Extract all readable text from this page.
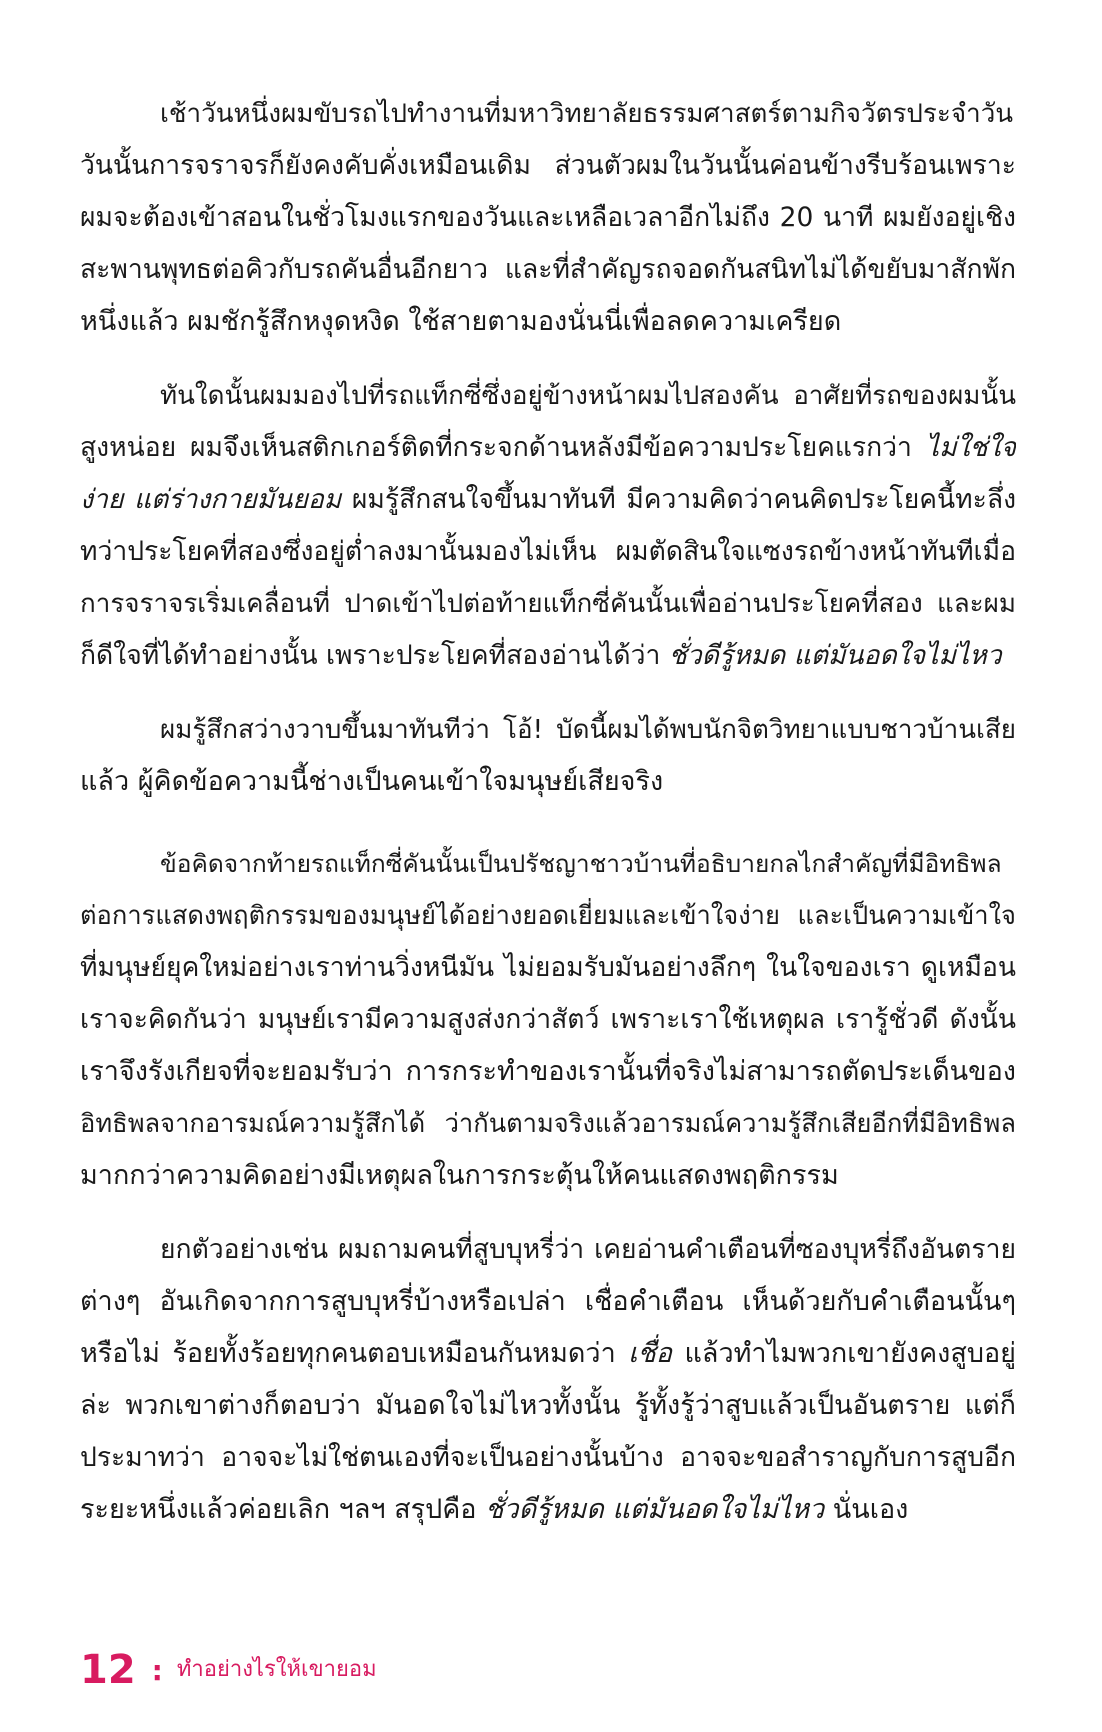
เช้าวันหนึ่งผมขับรถไปทำงานที่มหาวิทยาลัยธรรมศาสตร์ตามกิจวัตรประจำวัน
วันนั้นการจราจรก็ยังคงคับคั่งเหมือนเดิม ส่วนตัวผมในวันนั้นค่อนข้างรีบร้อนเพราะ
ผมจะต้องเข้าสอนในชั่วโมงแรกของวันและเหลือเวลาอีกไม่ถึง 20 นาที ผมยังอยู่เชิง
สะพานพุทธต่อคิวกับรถคันอื่นอีกยาว และที่สำคัญรถจอดกันสนิทไม่ได้ขยับมาสักพัก
หนึ่งแล้ว ผมชักรู้สึกหงุดหงิด ใช้สายตามองนั่นนี่เพื่อลดความเครียด
ทันใดนั้นผมมองไปที่รถแท็กซี่ซึ่งอยู่ข้างหน้าผมไปสองคัน อาศัยที่รถของผมนั้น
สูงหน่อย ผมจึงเห็นสติกเกอร์ติดที่กระจกด้านหลังมีข้อความประโยคแรกว่า ไม่ใช่ใจ
ง่าย แต่ร่างกายมันยอม ผมรู้สึกสนใจขึ้นมาทันที มีความคิดว่าคนคิดประโยคนี้ทะลึ่ง
ทว่าประโยคที่สองซึ่งอยู่ต่ำลงมานั้นมองไม่เห็น ผมตัดสินใจแซงรถข้างหน้าทันทีเมื่อ
การจราจรเริ่มเคลื่อนที่ ปาดเข้าไปต่อท้ายแท็กซี่คันนั้นเพื่ออ่านประโยคที่สอง และผม
ก็ดีใจที่ได้ทำอย่างนั้น เพราะประโยคที่สองอ่านได้ว่า ชั่วดีรู้หมด แต่มันอดใจไม่ไหว
ผมรู้สึกสว่างวาบขึ้นมาทันทีว่า โอ้! บัดนี้ผมได้พบนักจิตวิทยาแบบชาวบ้านเสีย
แล้ว ผู้คิดข้อความนี้ช่างเป็นคนเข้าใจมนุษย์เสียจริง
ข้อคิดจากท้ายรถแท็กซี่คันนั้นเป็นปรัชญาชาวบ้านที่อธิบายกลไกสำคัญที่มีอิทธิพล
ต่อการแสดงพฤติกรรมของมนุษย์ได้อย่างยอดเยี่ยมและเข้าใจง่าย และเป็นความเข้าใจ
ที่มนุษย์ยุคใหม่อย่างเราท่านวิ่งหนีมัน ไม่ยอมรับมันอย่างลึกๆ ในใจของเรา ดูเหมือน
เราจะคิดกันว่า มนุษย์เรามีความสูงส่งกว่าสัตว์ เพราะเราใช้เหตุผล เรารู้ชั่วดี ดังนั้น
เราจึงรังเกียจที่จะยอมรับว่า การกระทำของเรานั้นที่จริงไม่สามารถตัดประเด็นของ
อิทธิพลจากอารมณ์ความรู้สึกได้ ว่ากันตามจริงแล้วอารมณ์ความรู้สึกเสียอีกที่มีอิทธิพล
มากกว่าความคิดอย่างมีเหตุผลในการกระตุ้นให้คนแสดงพฤติกรรม
ยกตัวอย่างเช่น ผมถามคนที่สูบบุหรี่ว่า เคยอ่านคำเตือนที่ซองบุหรี่ถึงอันตราย
ต่างๆ อันเกิดจากการสูบบุหรี่บ้างหรือเปล่า เชื่อคำเตือน เห็นด้วยกับคำเตือนนั้นๆ
หรือไม่ ร้อยทั้งร้อยทุกคนตอบเหมือนกันหมดว่า เชื่อ แล้วทำไมพวกเขายังคงสูบอยู่
ล่ะ พวกเขาต่างก็ตอบว่า มันอดใจไม่ไหวทั้งนั้น รู้ทั้งรู้ว่าสูบแล้วเป็นอันตราย แต่ก็
ประมาทว่า อาจจะไม่ใช่ตนเองที่จะเป็นอย่างนั้นบ้าง อาจจะขอสำราญกับการสูบอีก
ระยะหนึ่งแล้วค่อยเลิก ฯลฯ สรุปคือ ชั่วดีรู้หมด แต่มันอดใจไม่ไหว นั่นเอง
12 : ทำอย่างไรให้เขายอม
